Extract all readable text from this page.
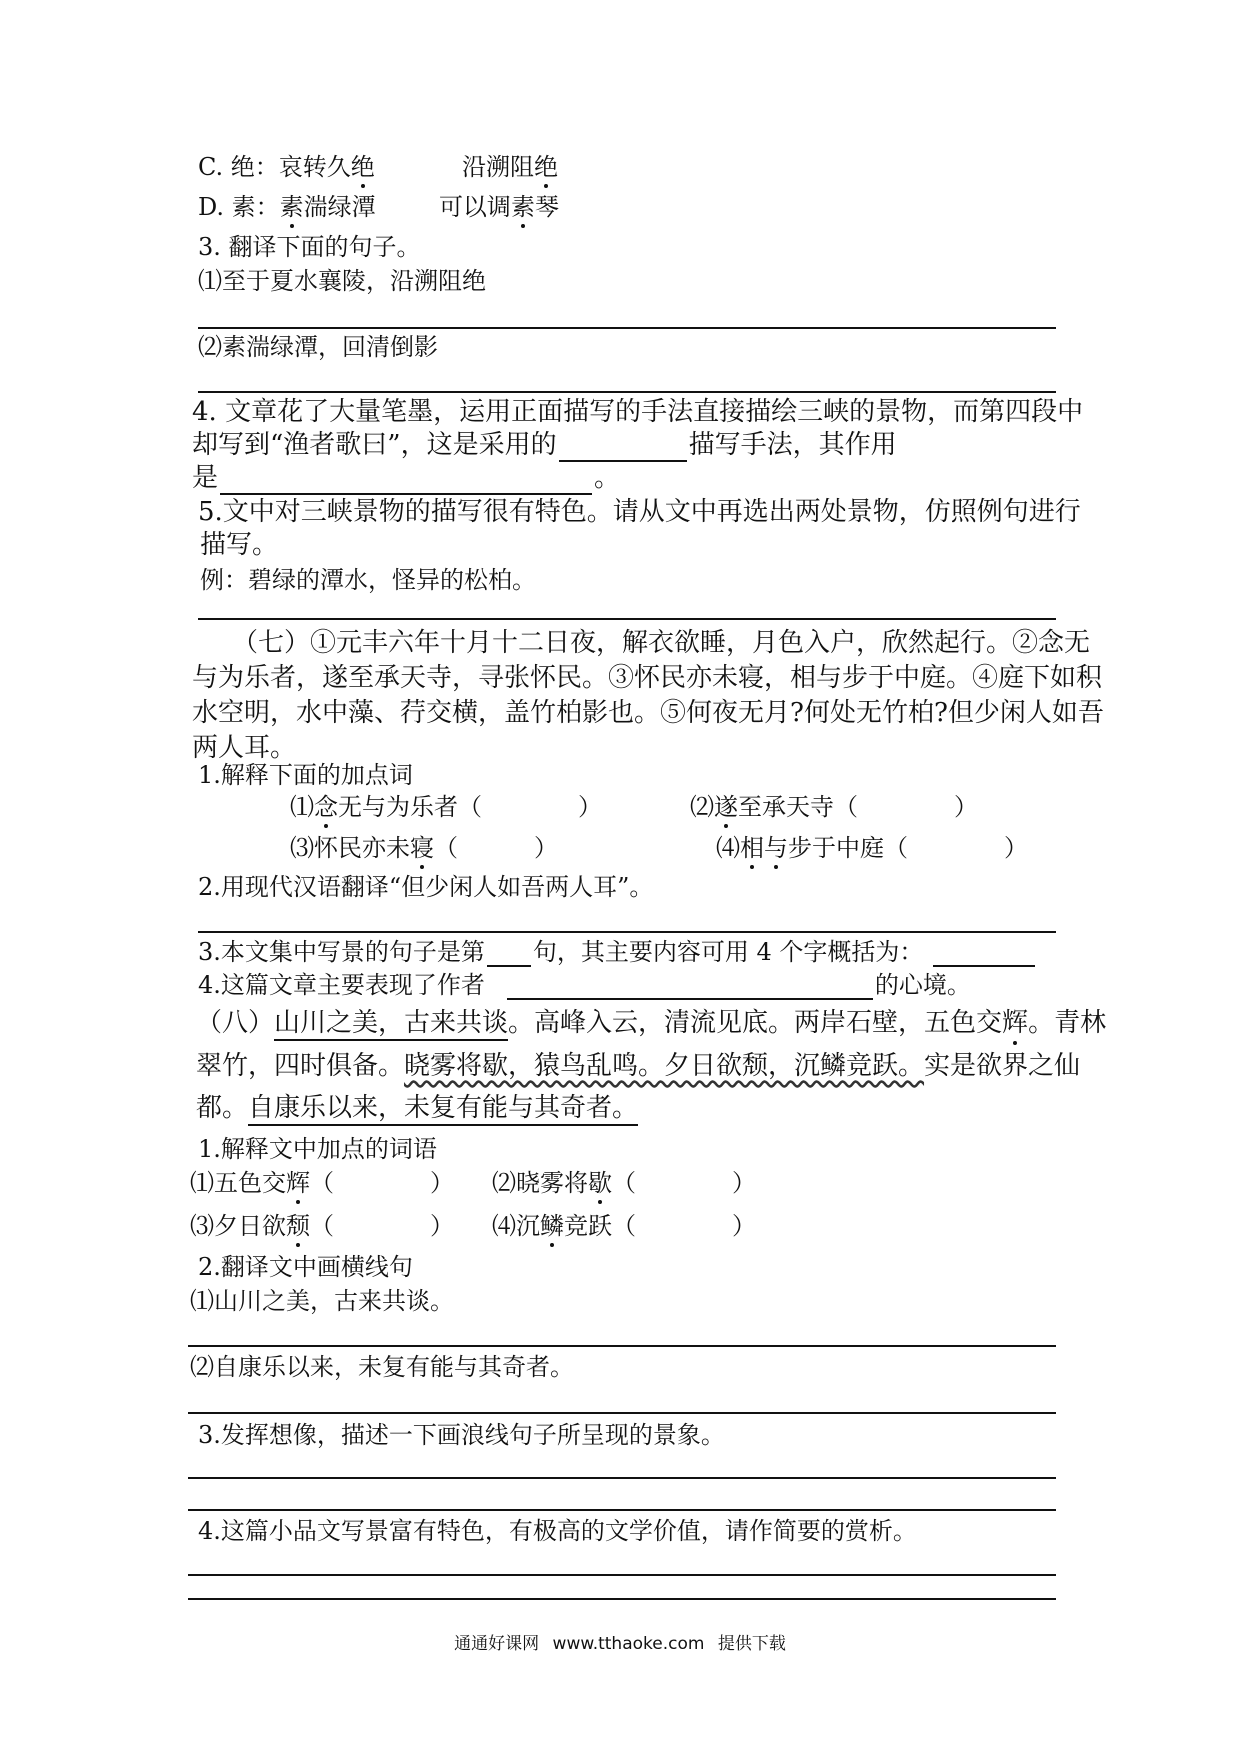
C. 绝：哀转久绝	沿溯阻绝
D. 素：素湍绿潭	可以调素琴
3. 翻译下面的句子。
⑴至于夏水襄陵，沿溯阻绝
⑵素湍绿潭，回清倒影
4. 文章花了大量笔墨，运用正面描写的手法直接描绘三峡的景物，而第四段中
却写到“渔者歌曰”，这是采用的	描写手法，其作用
是	。
5.文中对三峡景物的描写很有特色。请从文中再选出两处景物，仿照例句进行
描写。
例：碧绿的潭水，怪异的松柏。
（七）①元丰六年十月十二日夜，解衣欲睡，月色入户，欣然起行。②念无
与为乐者，遂至承天寺，寻张怀民。③怀民亦未寝，相与步于中庭。④庭下如积
水空明，水中藻、荇交横，盖竹柏影也。⑤何夜无月?何处无竹柏?但少闲人如吾
两人耳。
1.解释下面的加点词
⑴念无与为乐者（	）	⑵遂至承天寺（	）
⑶怀民亦未寝（	）	⑷相与步于中庭（	）
2.用现代汉语翻译“但少闲人如吾两人耳”。
3.本文集中写景的句子是第 句，其主要内容可用 4 个字概括为：
4.这篇文章主要表现了作者	的心境。
（八）山川之美，古来共谈。高峰入云，清流见底。两岸石壁，五色交辉。青林
翠竹，四时俱备。晓雾将歇，猿鸟乱鸣。夕日欲颓，沉鳞竞跃。实是欲界之仙
都。自康乐以来，未复有能与其奇者。
1.解释文中加点的词语
⑴五色交辉（	） ⑵晓雾将歇（	）
⑶夕日欲颓（	） ⑷沉鳞竞跃（	）
2.翻译文中画横线句
⑴山川之美，古来共谈。
⑵自康乐以来，未复有能与其奇者。
3.发挥想像，描述一下画浪线句子所呈现的景象。
4.这篇小品文写景富有特色，有极高的文学价值，请作简要的赏析。
通通好课网 www.tthaoke.com 提供下载
